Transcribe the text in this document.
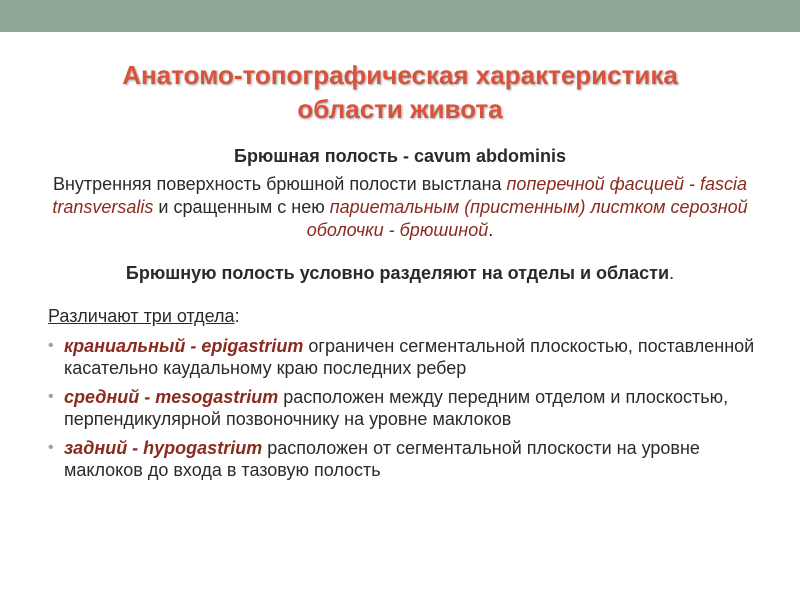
Анатомо-топографическая характеристика
области живота
Брюшная полость - cavum abdominis
Внутренняя поверхность брюшной полости выстлана поперечной фасцией - fascia transversalis и сращенным с нею париетальным (пристенным) листком серозной оболочки - брюшиной.
Брюшную полость условно разделяют на отделы и области.
Различают три отдела:
• краниальный - epigastrium ограничен сегментальной плоскостью, поставленной касательно каудальному краю последних ребер
• средний - mesogastrium расположен между передним отделом и плоскостью, перпендикулярной позвоночнику на уровне маклоков
• задний - hypogastrium расположен от сегментальной плоскости на уровне маклоков до входа в тазовую полость
